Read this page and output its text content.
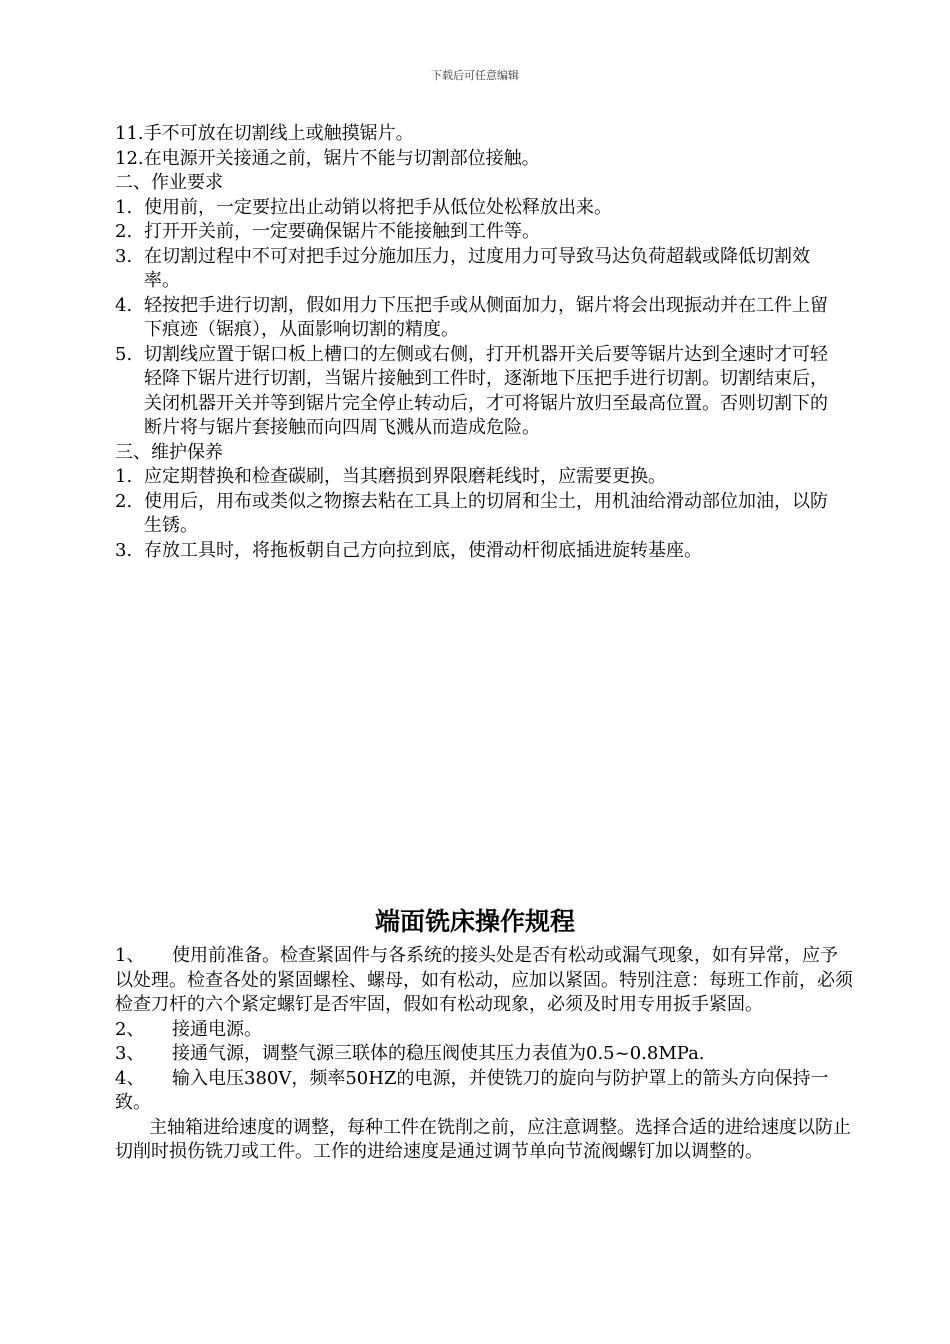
下载后可任意编辑
11.手不可放在切割线上或触摸锯片。
12.在电源开关接通之前，锯片不能与切割部位接触。
二、作业要求
1. 使用前，一定要拉出止动销以将把手从低位处松释放出来。
2. 打开开关前，一定要确保锯片不能接触到工件等。
3. 在切割过程中不可对把手过分施加压力，过度用力可导致马达负荷超载或降低切割效率。
4. 轻按把手进行切割，假如用力下压把手或从侧面加力，锯片将会出现振动并在工件上留下痕迹（锯痕），从面影响切割的精度。
5. 切割线应置于锯口板上槽口的左侧或右侧，打开机器开关后要等锯片达到全速时才可轻轻降下锯片进行切割，当锯片接触到工件时，逐渐地下压把手进行切割。切割结束后，关闭机器开关并等到锯片完全停止转动后，才可将锯片放归至最高位置。否则切割下的断片将与锯片套接触而向四周飞溅从而造成危险。
三、维护保养
1. 应定期替换和检查碳刷，当其磨损到界限磨耗线时，应需要更换。
2. 使用后，用布或类似之物擦去粘在工具上的切屑和尘土，用机油给滑动部位加油，以防生锈。
3. 存放工具时，将拖板朝自己方向拉到底，使滑动杆彻底插进旋转基座。
端面铣床操作规程
1、 使用前准备。检查紧固件与各系统的接头处是否有松动或漏气现象，如有异常，应予以处理。检查各处的紧固螺栓、螺母，如有松动，应加以紧固。特别注意：每班工作前，必须检查刀杆的六个紧定螺钉是否牢固，假如有松动现象，必须及时用专用扳手紧固。
2、 接通电源。
3、 接通气源，调整气源三联体的稳压阀使其压力表值为0.5~0.8MPa.
4、 输入电压380V，频率50HZ的电源，并使铣刀的旋向与防护罩上的箭头方向保持一致。
主轴箱进给速度的调整，每种工件在铣削之前，应注意调整。选择合适的进给速度以防止切削时损伤铣刀或工件。工作的进给速度是通过调节单向节流阀螺钉加以调整的。
